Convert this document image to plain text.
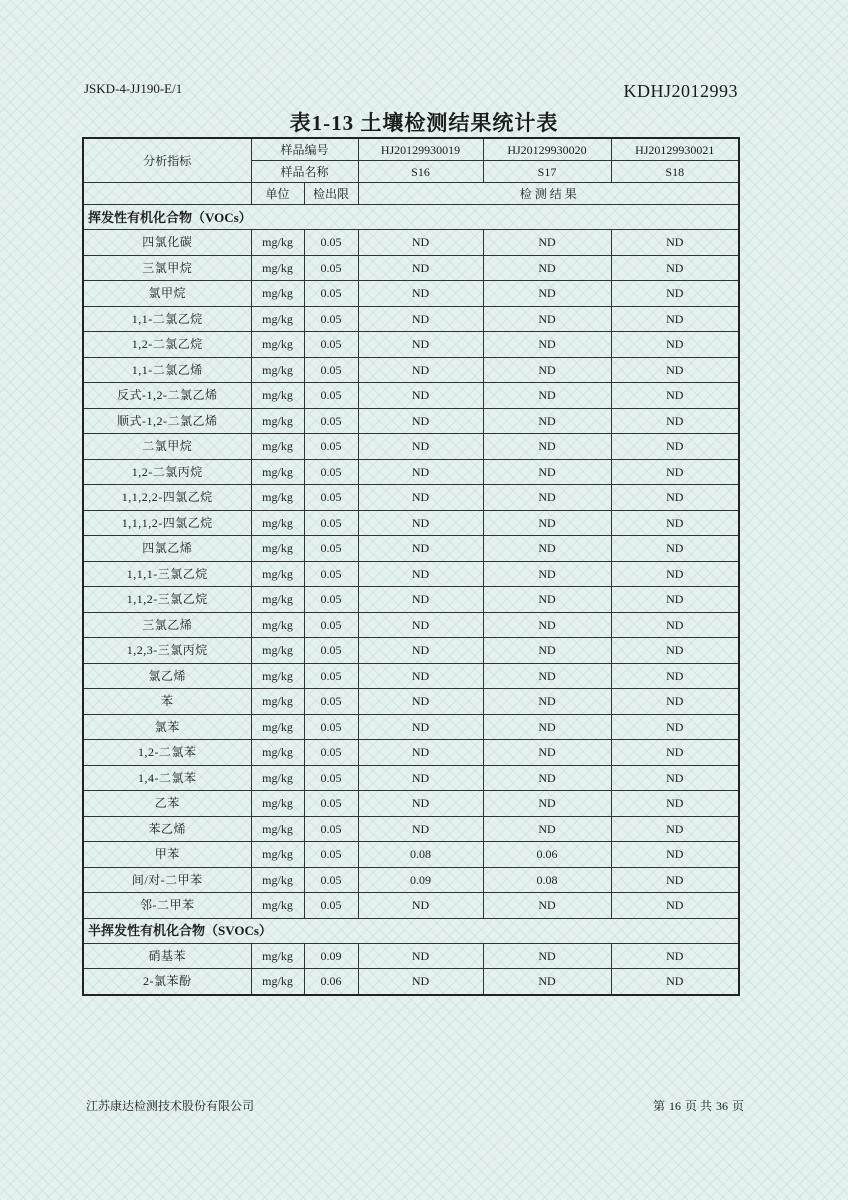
JSKD-4-JJ190-E/1	KDHJ2012993
表1-13 土壤检测结果统计表
分析指标	样品编号		HJ20129930019	HJ20129930020	HJ20129930021
	样品名称		S16	S17	S18
	单位	检出限	检 测 结 果		
挥发性有机化合物（VOCs）					
四氯化碳	mg/kg	0.05	ND	ND	ND
三氯甲烷	mg/kg	0.05	ND	ND	ND
氯甲烷	mg/kg	0.05	ND	ND	ND
1,1-二氯乙烷	mg/kg	0.05	ND	ND	ND
1,2-二氯乙烷	mg/kg	0.05	ND	ND	ND
1,1-二氯乙烯	mg/kg	0.05	ND	ND	ND
反式-1,2-二氯乙烯	mg/kg	0.05	ND	ND	ND
顺式-1,2-二氯乙烯	mg/kg	0.05	ND	ND	ND
二氯甲烷	mg/kg	0.05	ND	ND	ND
1,2-二氯丙烷	mg/kg	0.05	ND	ND	ND
1,1,2,2-四氯乙烷	mg/kg	0.05	ND	ND	ND
1,1,1,2-四氯乙烷	mg/kg	0.05	ND	ND	ND
四氯乙烯	mg/kg	0.05	ND	ND	ND
1,1,1-三氯乙烷	mg/kg	0.05	ND	ND	ND
1,1,2-三氯乙烷	mg/kg	0.05	ND	ND	ND
三氯乙烯	mg/kg	0.05	ND	ND	ND
1,2,3-三氯丙烷	mg/kg	0.05	ND	ND	ND
氯乙烯	mg/kg	0.05	ND	ND	ND
苯	mg/kg	0.05	ND	ND	ND
氯苯	mg/kg	0.05	ND	ND	ND
1,2-二氯苯	mg/kg	0.05	ND	ND	ND
1,4-二氯苯	mg/kg	0.05	ND	ND	ND
乙苯	mg/kg	0.05	ND	ND	ND
苯乙烯	mg/kg	0.05	ND	ND	ND
甲苯	mg/kg	0.05	0.08	0.06	ND
间/对-二甲苯	mg/kg	0.05	0.09	0.08	ND
邻-二甲苯	mg/kg	0.05	ND	ND	ND
半挥发性有机化合物（SVOCs）					
硝基苯	mg/kg	0.09	ND	ND	ND
2-氯苯酚	mg/kg	0.06	ND	ND	ND
江苏康达检测技术股份有限公司	第 16 页 共 36 页
